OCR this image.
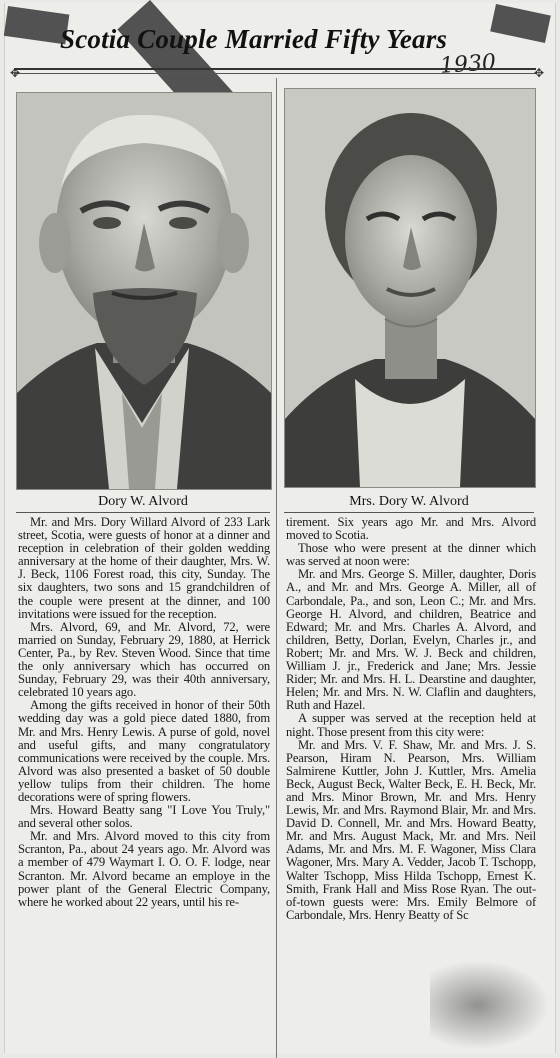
Scotia Couple Married Fifty Years
1930
✥	✥
Dory W. Alvord	Mrs. Dory W. Alvord

Mr. and Mrs. Dory Willard Alvord of 233 Lark street, Scotia, were guests of honor at a dinner and reception in celebration of their golden wedding anniversary at the home of their daughter, Mrs. W. J. Beck, 1106 Forest road, this city, Sunday. The six daughters, two sons and 15 grandchildren of the couple were present at the dinner, and 100 invitations were issued for the reception.

Mrs. Alvord, 69, and Mr. Alvord, 72, were married on Sunday, February 29, 1880, at Herrick Center, Pa., by Rev. Steven Wood. Since that time the only anniversary which has occurred on Sunday, February 29, was their 40th anniversary, celebrated 10 years ago.

Among the gifts received in honor of their 50th wedding day was a gold piece dated 1880, from Mr. and Mrs. Henry Lewis. A purse of gold, novel and useful gifts, and many congratulatory communications were received by the couple. Mrs. Alvord was also presented a basket of 50 double yellow tulips from their children. The home decorations were of spring flowers.

Mrs. Howard Beatty sang "I Love You Truly," and several other solos.

Mr. and Mrs. Alvord moved to this city from Scranton, Pa., about 24 years ago. Mr. Alvord was a member of 479 Waymart I. O. O. F. lodge, near Scranton. Mr. Alvord became an employe in the power plant of the General Electric Company, where he worked about 22 years, until his re-

tirement. Six years ago Mr. and Mrs. Alvord moved to Scotia.

Those who were present at the dinner which was served at noon were:

Mr. and Mrs. George S. Miller, daughter, Doris A., and Mr. and Mrs. George A. Miller, all of Carbondale, Pa., and son, Leon C.; Mr. and Mrs. George H. Alvord, and children, Beatrice and Edward; Mr. and Mrs. Charles A. Alvord, and children, Betty, Dorlan, Evelyn, Charles jr., and Robert; Mr. and Mrs. W. J. Beck and children, William J. jr., Frederick and Jane; Mrs. Jessie Rider; Mr. and Mrs. H. L. Dearstine and daughter, Helen; Mr. and Mrs. N. W. Claflin and daughters, Ruth and Hazel.

A supper was served at the reception held at night. Those present from this city were:

Mr. and Mrs. V. F. Shaw, Mr. and Mrs. J. S. Pearson, Hiram N. Pearson, Mrs. William Salmirene Kuttler, John J. Kuttler, Mrs. Amelia Beck, August Beck, Walter Beck, E. H. Beck, Mr. and Mrs. Minor Brown, Mr. and Mrs. Henry Lewis, Mr. and Mrs. Raymond Blair, Mr. and Mrs. David D. Connell, Mr. and Mrs. Howard Beatty, Mr. and Mrs. August Mack, Mr. and Mrs. Neil Adams, Mr. and Mrs. M. F. Wagoner, Miss Clara Wagoner, Mrs. Mary A. Vedder, Jacob T. Tschopp, Walter Tschopp, Miss Hilda Tschopp, Ernest K. Smith, Frank Hall and Miss Rose Ryan. The out-of-town guests were: Mrs. Emily Belmore of Carbondale, Mrs. Henry Beatty of Sc
